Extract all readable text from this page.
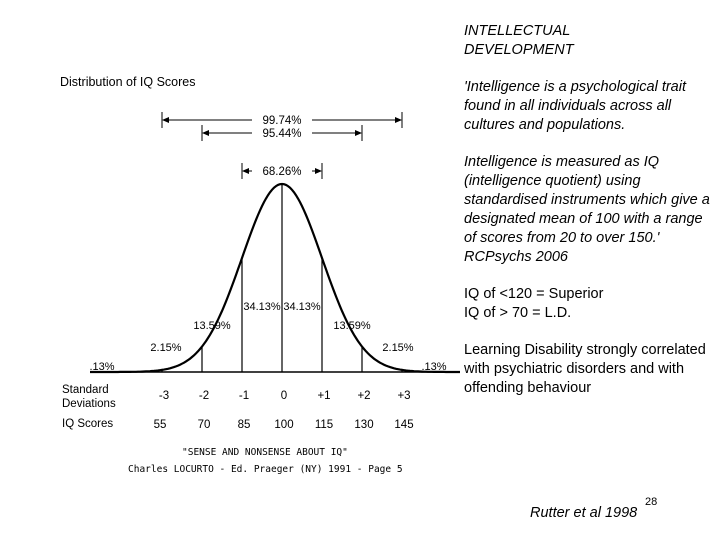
Distribution of IQ Scores
99.74%
95.44%
68.26%
.13%
2.15%
13.59%
34.13% 34.13%
13.59%
2.15%
.13%
Standard
Deviations
IQ Scores
-3	-2	-1	0	+1 +2 +3
55	70 85 100 115 130 145
"SENSE AND NONSENSE ABOUT IQ"
Charles LOCURTO - Ed. Praeger (NY) 1991 - Page 5
INTELLECTUAL
DEVELOPMENT
'Intelligence is a psychological trait found in all individuals across all cultures and populations.
Intelligence is measured as IQ (intelligence quotient) using standardised instruments which give a designated mean of 100 with a range of scores from 20 to over 150.'  RCPsychs 2006
IQ of <120 = Superior
IQ of > 70 = L.D.
Learning Disability strongly correlated with psychiatric disorders and with offending behaviour
Rutter et al 1998
28
